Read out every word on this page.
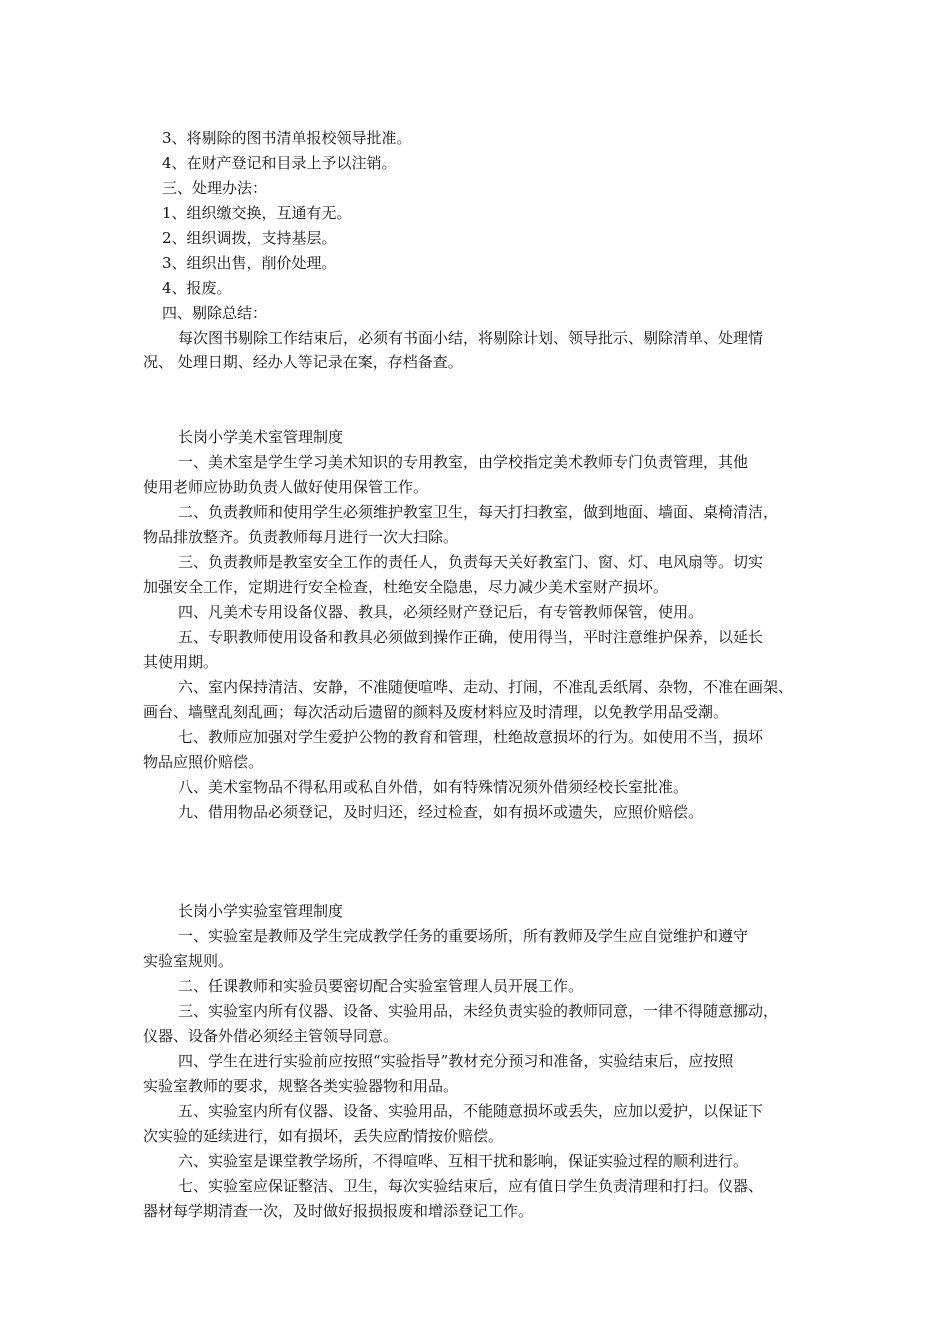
3、将剔除的图书清单报校领导批准。
4、在财产登记和目录上予以注销。
三、处理办法：
1、组织缴交换，互通有无。
2、组织调拨，支持基层。
3、组织出售，削价处理。
4、报废。
四、剔除总结：
每次图书剔除工作结束后，必须有书面小结，将剔除计划、领导批示、剔除清单、处理情
况、 处理日期、经办人等记录在案，存档备查。
长岗小学美术室管理制度
一、美术室是学生学习美术知识的专用教室，由学校指定美术教师专门负责管理，其他
使用老师应协助负责人做好使用保管工作。
二、负责教师和使用学生必须维护教室卫生，每天打扫教室，做到地面、墙面、桌椅清洁，
物品排放整齐。负责教师每月进行一次大扫除。
三、负责教师是教室安全工作的责任人，负责每天关好教室门、窗、灯、电风扇等。切实
加强安全工作，定期进行安全检查，杜绝安全隐患，尽力减少美术室财产损坏。
四、凡美术专用设备仪器、教具，必须经财产登记后，有专管教师保管，使用。
五、专职教师使用设备和教具必须做到操作正确，使用得当，平时注意维护保养，以延长
其使用期。
六、室内保持清洁、安静，不准随便喧哗、走动、打闹，不准乱丢纸屑、杂物，不准在画架、
画台、墙壁乱刻乱画；每次活动后遗留的颜料及废材料应及时清理，以免教学用品受潮。
七、教师应加强对学生爱护公物的教育和管理，杜绝故意损坏的行为。如使用不当，损坏
物品应照价赔偿。
八、美术室物品不得私用或私自外借，如有特殊情况须外借须经校长室批准。
九、借用物品必须登记，及时归还，经过检查，如有损坏或遗失，应照价赔偿。
长岗小学实验室管理制度
一、实验室是教师及学生完成教学任务的重要场所，所有教师及学生应自觉维护和遵守
实验室规则。
二、任课教师和实验员要密切配合实验室管理人员开展工作。
三、实验室内所有仪器、设备、实验用品，未经负责实验的教师同意，一律不得随意挪动，
仪器、设备外借必须经主管领导同意。
四、学生在进行实验前应按照“实验指导”教材充分预习和准备，实验结束后，应按照
实验室教师的要求，规整各类实验器物和用品。
五、实验室内所有仪器、设备、实验用品，不能随意损坏或丢失，应加以爱护，以保证下
次实验的延续进行，如有损坏，丢失应酌情按价赔偿。
六、实验室是课堂教学场所，不得喧哗、互相干扰和影响，保证实验过程的顺利进行。
七、实验室应保证整洁、卫生，每次实验结束后，应有值日学生负责清理和打扫。仪器、
器材每学期清查一次，及时做好报损报废和增添登记工作。
